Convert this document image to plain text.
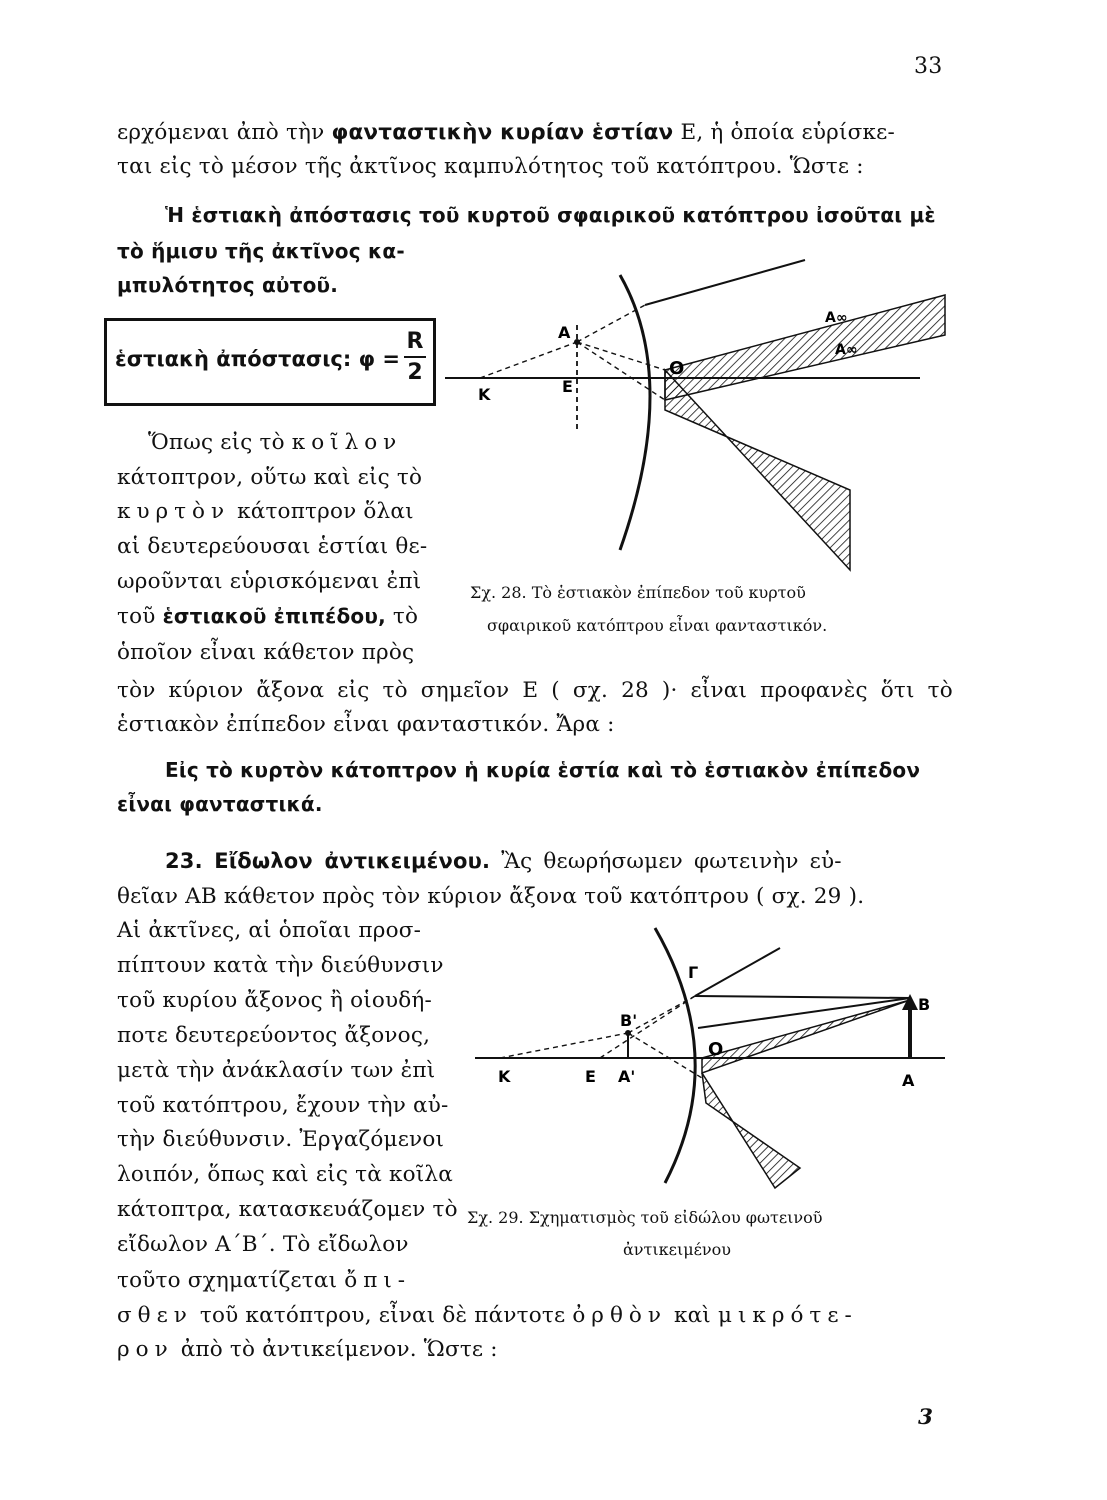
33
ερχόμεναι ἀπὸ τὴν φανταστικὴν κυρίαν ἑστίαν Ε, ἡ ὁποία εὑρίσκε-
ται εἰς τὸ μέσον τῆς ἀκτῖνος καμπυλότητος τοῦ κατόπτρου. Ὥστε :
Ἡ ἑστιακὴ ἀπόστασις τοῦ κυρτοῦ σφαιρικοῦ κατόπτρου ἰσοῦται μὲ
τὸ ἥμισυ τῆς ἀκτῖνος κα-
μπυλότητος αὐτοῦ.
ἑστιακὴ ἀπόστασις: φ =
R
2
Ὅπως εἰς τὸ κοῖλον
κάτοπτρον, οὕτω καὶ εἰς τὸ
κυρτὸν κάτοπτρον ὅλαι
αἱ δευτερεύουσαι ἑστίαι θε-
ωροῦνται εὑρισκόμεναι ἐπὶ
τοῦ ἑστιακοῦ ἐπιπέδου, τὸ
ὁποῖον εἶναι κάθετον πρὸς
τὸν κύριον ἄξονα εἰς τὸ σημεῖον Ε ( σχ. 28 )· εἶναι προφανὲς ὅτι τὸ
ἑστιακὸν ἐπίπεδον εἶναι φανταστικόν. Ἄρα :
Εἰς τὸ κυρτὸν κάτοπτρον ἡ κυρία ἑστία καὶ τὸ ἑστιακὸν ἐπίπεδον
εἶναι φανταστικά.
23. Εἴδωλον ἀντικειμένου. Ἂς θεωρήσωμεν φωτεινὴν εὐ-
θεῖαν ΑΒ κάθετον πρὸς τὸν κύριον ἄξονα τοῦ κατόπτρου ( σχ. 29 ).
Αἱ ἀκτῖνες, αἱ ὁποῖαι προσ-
πίπτουν κατὰ τὴν διεύθυνσιν
τοῦ κυρίου ἄξονος ἢ οἱουδή-
ποτε δευτερεύοντος ἄξονος,
μετὰ τὴν ἀνάκλασίν των ἐπὶ
τοῦ κατόπτρου, ἔχουν τὴν αὐ-
τὴν διεύθυνσιν. Ἐργαζόμενοι
λοιπόν, ὅπως καὶ εἰς τὰ κοῖλα
κάτοπτρα, κατασκευάζομεν τὸ
εἴδωλον Α΄Β΄. Τὸ εἴδωλον
τοῦτο σχηματίζεται ὄπι-
σθεν τοῦ κατόπτρου, εἶναι δὲ πάντοτε ὀρθὸν καὶ μικρότε-
ρον ἀπὸ τὸ ἀντικείμενον. Ὥστε :
3
K	E
O
A
A∞
A∞
Σχ. 28. Τὸ ἑστιακὸν ἐπίπεδον τοῦ κυρτοῦ
σφαιρικοῦ κατόπτρου εἶναι φανταστικόν.
K	E A'
O
A
B
B'
Γ
Σχ. 29. Σχηματισμὸς τοῦ εἰδώλου φωτεινοῦ
ἀντικειμένου
